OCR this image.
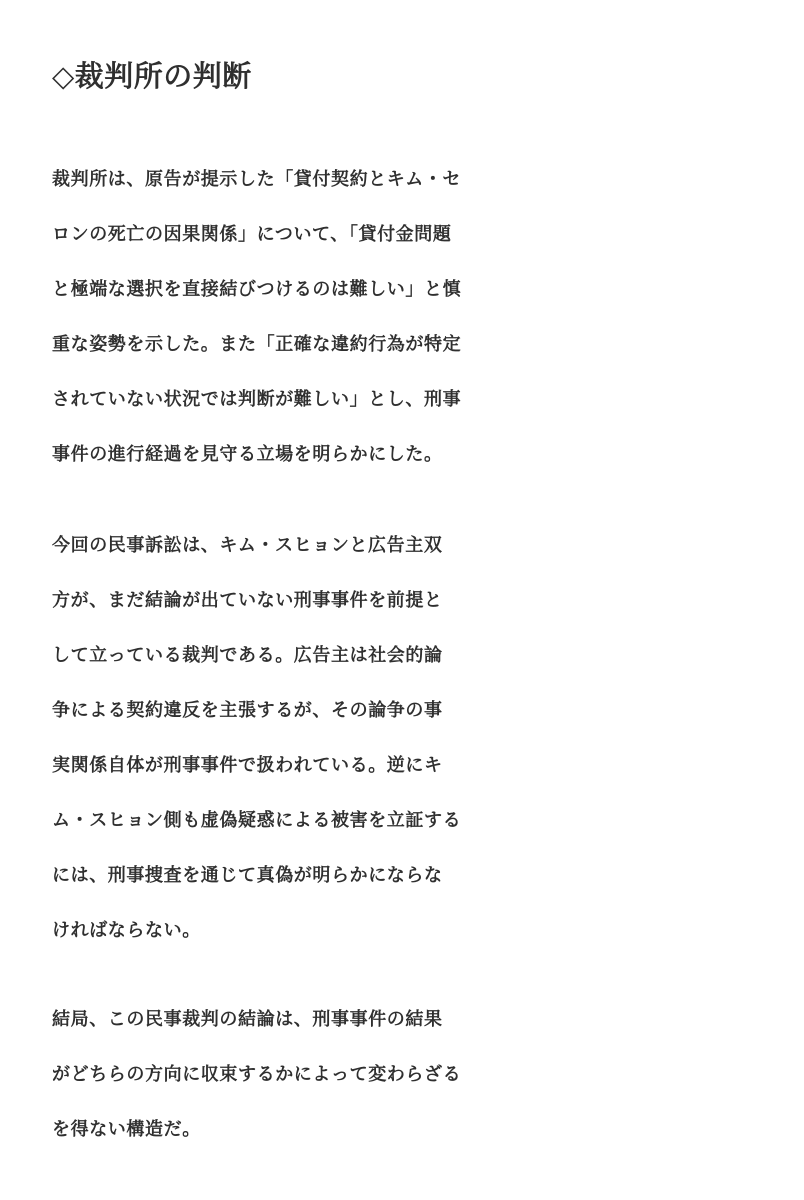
◇裁判所の判断
裁判所は、原告が提示した「貸付契約とキム・セ
ロンの死亡の因果関係」について、「貸付金問題
と極端な選択を直接結びつけるのは難しい」と慎
重な姿勢を示した。また「正確な違約行為が特定
されていない状況では判断が難しい」とし、刑事
事件の進行経過を見守る立場を明らかにした。
今回の民事訴訟は、キム・スヒョンと広告主双
方が、まだ結論が出ていない刑事事件を前提と
して立っている裁判である。広告主は社会的論
争による契約違反を主張するが、その論争の事
実関係自体が刑事事件で扱われている。逆にキ
ム・スヒョン側も虚偽疑惑による被害を立証する
には、刑事捜査を通じて真偽が明らかにならな
ければならない。
結局、この民事裁判の結論は、刑事事件の結果
がどちらの方向に収束するかによって変わらざる
を得ない構造だ。
